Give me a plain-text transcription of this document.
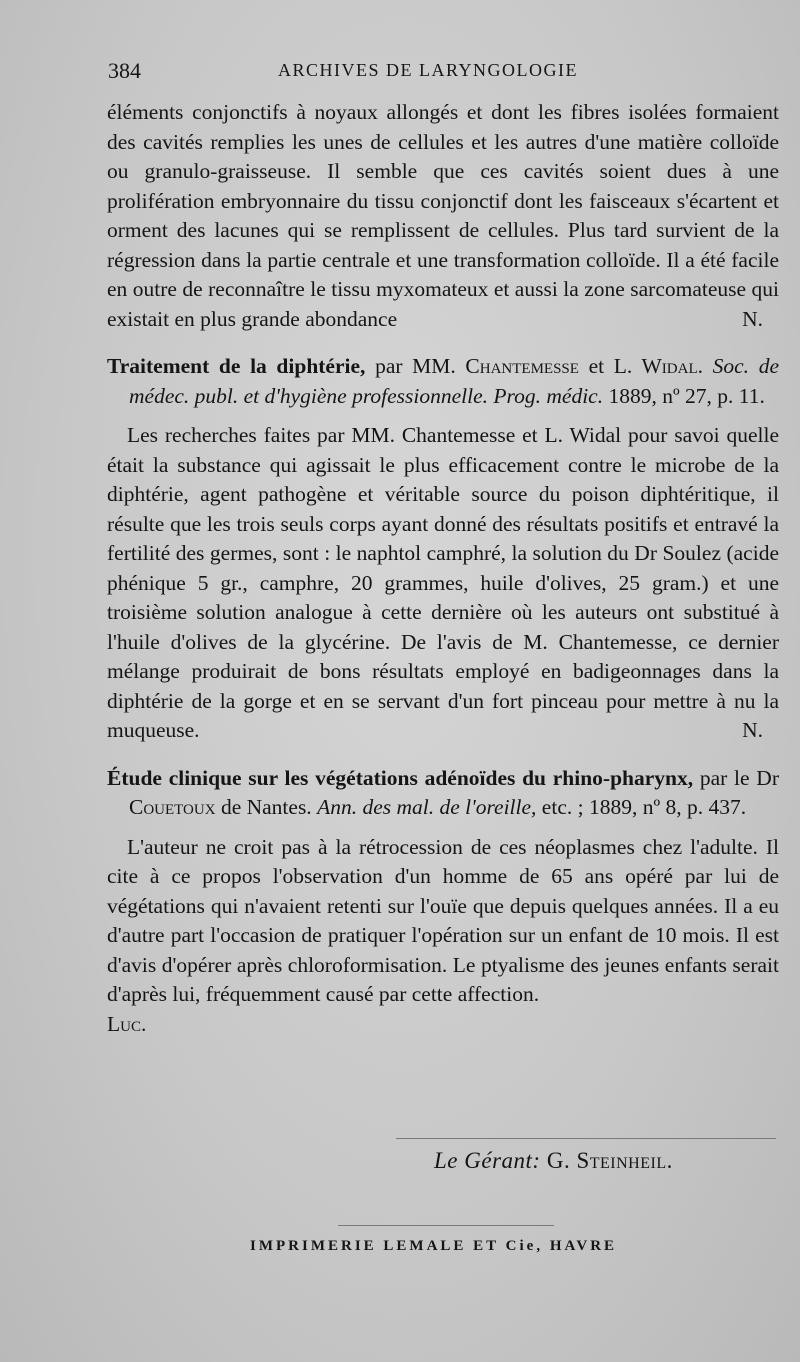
384	ARCHIVES DE LARYNGOLOGIE

éléments conjonctifs à noyaux allongés et dont les fibres isolées formaient des cavités remplies les unes de cellules et les autres d'une matière colloïde ou granulo-graisseuse. Il semble que ces cavités soient dues à une prolifération embryonnaire du tissu conjonctif dont les faisceaux s'écartent et orment des lacunes qui se remplissent de cellules. Plus tard survient de la régression dans la partie centrale et une transformation colloïde. Il a été facile en outre de reconnaître le tissu myxomateux et aussi la zone sarcomateuse qui existait en plus grande abondance	N.

Traitement de la diphtérie, par MM. Chantemesse et L. Widal. Soc. de médec. publ. et d'hygiène professionnelle. Prog. médic. 1889, nº 27, p. 11.

Les recherches faites par MM. Chantemesse et L. Widal pour savoi quelle était la substance qui agissait le plus efficacement contre le microbe de la diphtérie, agent pathogène et véritable source du poison diphtéritique, il résulte que les trois seuls corps ayant donné des résultats positifs et entravé la fertilité des germes, sont : le naphtol camphré, la solution du Dr Soulez (acide phénique 5 gr., camphre, 20 grammes, huile d'olives, 25 gram.) et une troisième solution analogue à cette dernière où les auteurs ont substitué à l'huile d'olives de la glycérine. De l'avis de M. Chantemesse, ce dernier mélange produirait de bons résultats employé en badigeonnages dans la diphtérie de la gorge et en se servant d'un fort pinceau pour mettre à nu la muqueuse.	N.

Étude clinique sur les végétations adénoïdes du rhino-pharynx, par le Dr Couetoux de Nantes. Ann. des mal. de l'oreille, etc. ; 1889, nº 8, p. 437.

L'auteur ne croit pas à la rétrocession de ces néoplasmes chez l'adulte. Il cite à ce propos l'observation d'un homme de 65 ans opéré par lui de végétations qui n'avaient retenti sur l'ouïe que depuis quelques années. Il a eu d'autre part l'occasion de pratiquer l'opération sur un enfant de 10 mois. Il est d'avis d'opérer après chloroformisation. Le ptyalisme des jeunes enfants serait d'après lui, fréquemment causé par cette affection.

Luc.

Le Gérant: G. Steinheil.
IMPRIMERIE LEMALE ET Cie, HAVRE
